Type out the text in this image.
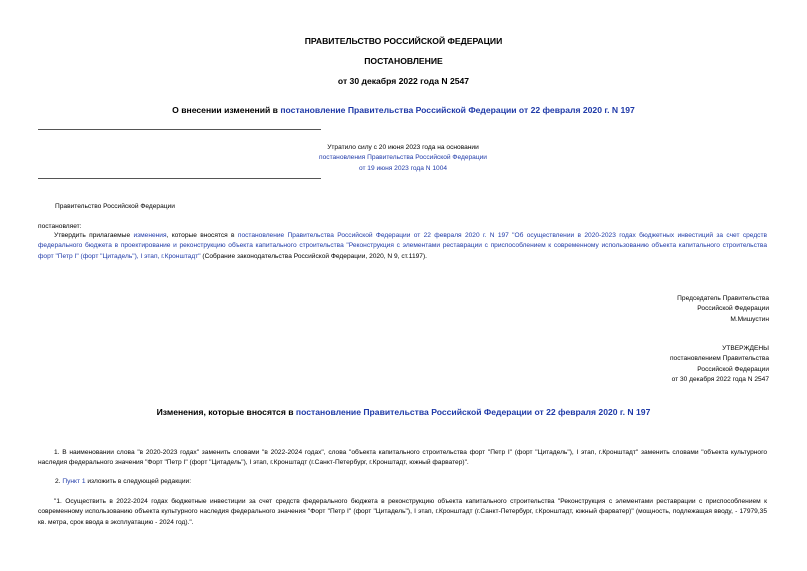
ПРАВИТЕЛЬСТВО РОССИЙСКОЙ ФЕДЕРАЦИИ
ПОСТАНОВЛЕНИЕ
от 30 декабря 2022 года N 2547
О внесении изменений в постановление Правительства Российской Федерации от 22 февраля 2020 г. N 197
Утратило силу с 20 июня 2023 года на основании
постановления Правительства Российской Федерации
от 19 июня 2023 года N 1004
Правительство Российской Федерации
постановляет:
Утвердить прилагаемые изменения, которые вносятся в постановление Правительства Российской Федерации от 22 февраля 2020 г. N 197 "Об осуществлении в 2020-2023 годах бюджетных инвестиций за счет средств федерального бюджета в проектирование и реконструкцию объекта капитального строительства "Реконструкция с элементами реставрации с приспособлением к современному использованию объекта капитального строительства форт "Петр I" (форт "Цитадель"), I этап, г.Кронштадт" (Собрание законодательства Российской Федерации, 2020, N 9, ст.1197).
Председатель Правительства
Российской Федерации
М.Мишустин
УТВЕРЖДЕНЫ
постановлением Правительства
Российской Федерации
от 30 декабря 2022 года N 2547
Изменения, которые вносятся в постановление Правительства Российской Федерации от 22 февраля 2020 г. N 197
1. В наименовании слова "в 2020-2023 годах" заменить словами "в 2022-2024 годах", слова "объекта капитального строительства форт "Петр I" (форт "Цитадель"), I этап, г.Кронштадт" заменить словами "объекта культурного наследия федерального значения "Форт "Петр I" (форт "Цитадель"), I этап, г.Кронштадт (г.Санкт-Петербург, г.Кронштадт, южный фарватер)".
2. Пункт 1 изложить в следующей редакции:
"1. Осуществить в 2022-2024 годах бюджетные инвестиции за счет средств федерального бюджета в реконструкцию объекта капитального строительства "Реконструкция с элементами реставрации с приспособлением к современному использованию объекта культурного наследия федерального значения "Форт "Петр I" (форт "Цитадель"), I этап, г.Кронштадт (г.Санкт-Петербург, г.Кронштадт, южный фарватер)" (мощность, подлежащая вводу, - 17979,35 кв. метра, срок ввода в эксплуатацию - 2024 год).".
